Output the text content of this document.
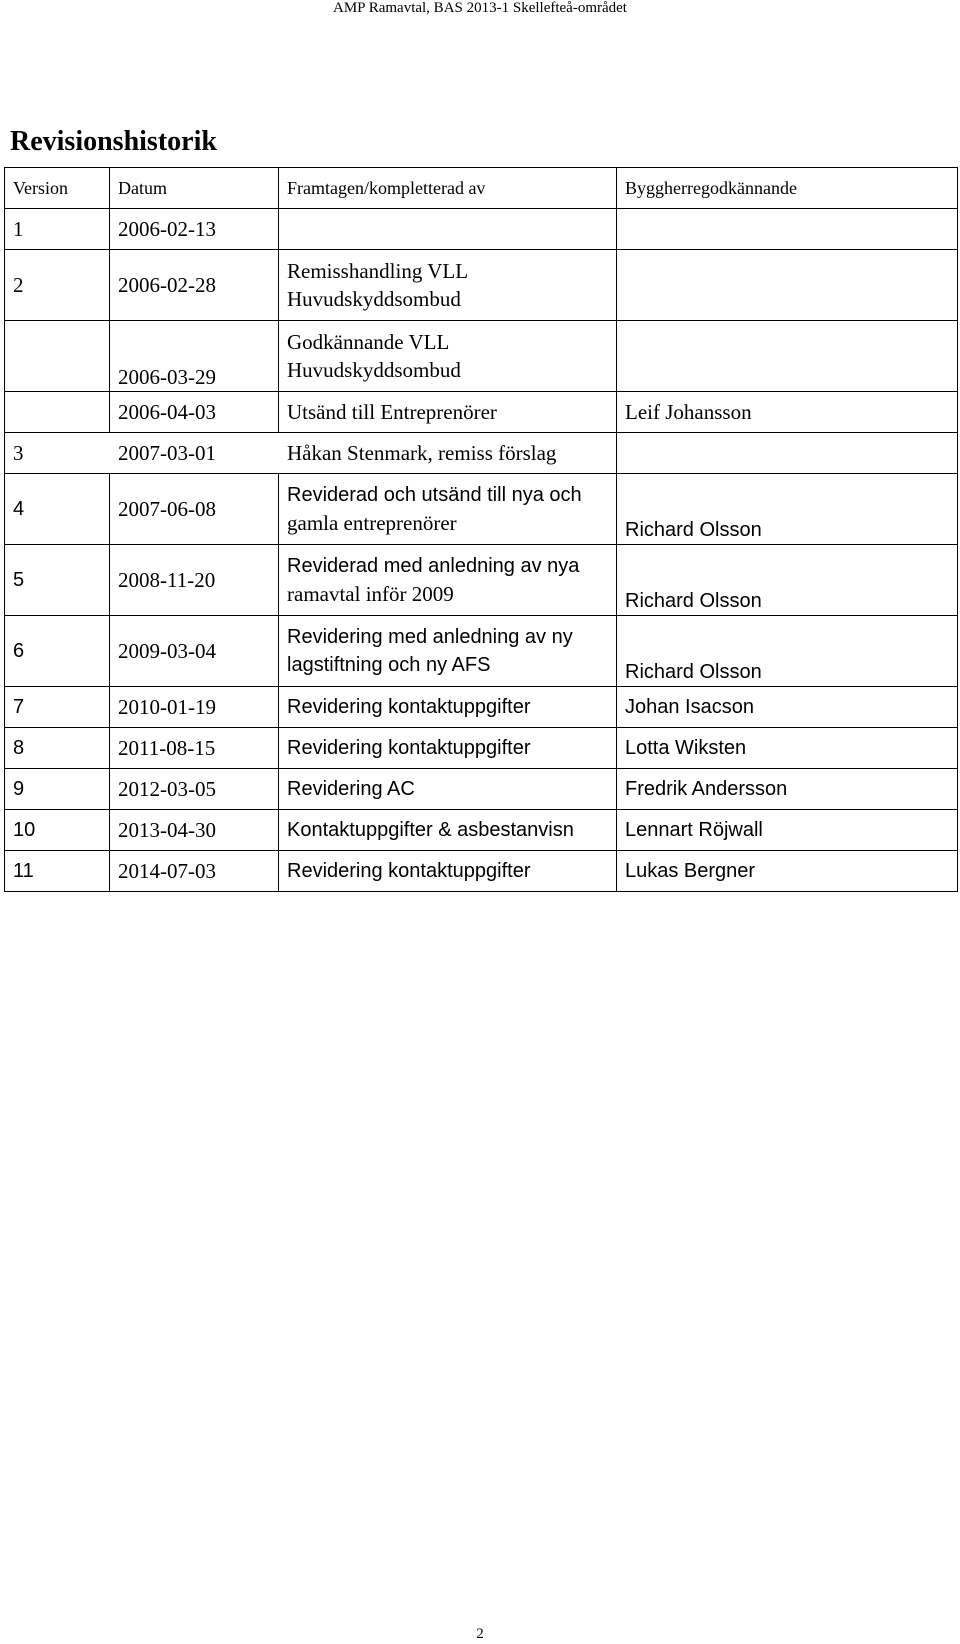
AMP Ramavtal, BAS 2013-1 Skellefteå-området
Revisionshistorik
Version	Datum	Framtagen/kompletterad av	Byggherregodkännande
1	2006-02-13		
2	2006-02-28	Remisshandling VLL
Huvudskyddsombud	

	2006-03-29	Godkännande VLL
Huvudskyddsombud	

	2006-04-03	Utsänd till Entreprenörer	Leif Johansson

3 2007-03-01 Håkan Stenmark, remiss förslag			

4	2007-06-08	Reviderad och utsänd till nya och
gamla entreprenörer	Richard Olsson
5	2008-11-20	Reviderad med anledning av nya
ramavtal inför 2009	Richard Olsson
6	2009-03-04	Revidering med anledning av ny
lagstiftning och ny AFS	Richard Olsson
7	2010-01-19	Revidering kontaktuppgifter	Johan Isacson
8	2011-08-15	Revidering kontaktuppgifter	Lotta Wiksten
9	2012-03-05	Revidering AC	Fredrik Andersson
10	2013-04-30	Kontaktuppgifter & asbestanvisn	Lennart Röjwall
11	2014-07-03	Revidering kontaktuppgifter	Lukas Bergner
2
